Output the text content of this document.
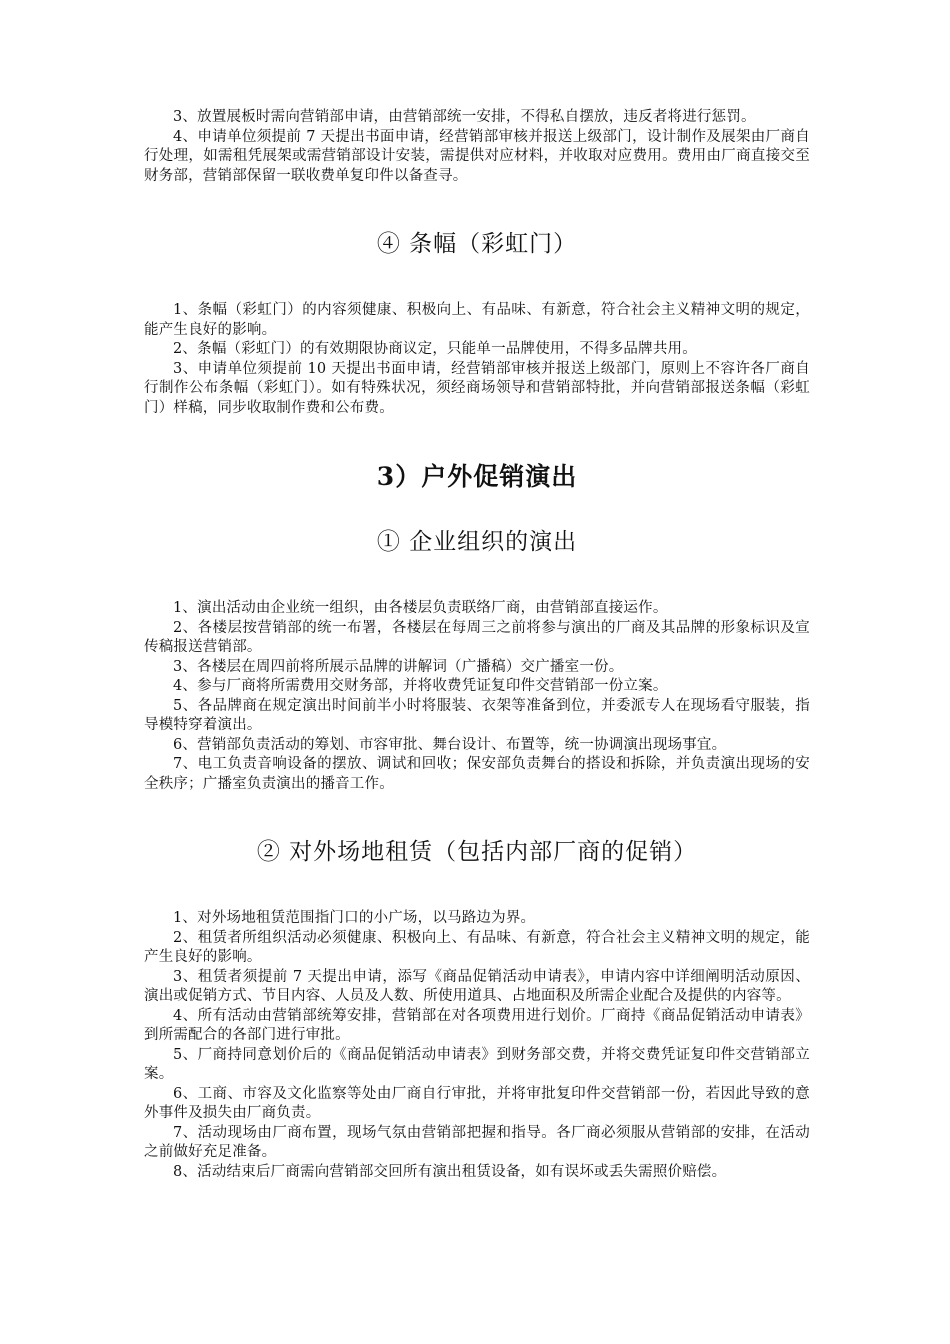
3、放置展板时需向营销部申请，由营销部统一安排，不得私自摆放，违反者将进行惩罚。

4、申请单位须提前 7 天提出书面申请，经营销部审核并报送上级部门，设计制作及展架由厂商自行处理，如需租凭展架或需营销部设计安装，需提供对应材料，并收取对应费用。费用由厂商直接交至财务部，营销部保留一联收费单复印件以备查寻。

④ 条幅（彩虹门）

1、条幅（彩虹门）的内容须健康、积极向上、有品味、有新意，符合社会主义精神文明的规定，能产生良好的影响。

2、条幅（彩虹门）的有效期限协商议定，只能单一品牌使用，不得多品牌共用。

3、申请单位须提前 10 天提出书面申请，经营销部审核并报送上级部门，原则上不容许各厂商自行制作公布条幅（彩虹门）。如有特殊状况，须经商场领导和营销部特批，并向营销部报送条幅（彩虹门）样稿，同步收取制作费和公布费。

3）户外促销演出
① 企业组织的演出

1、演出活动由企业统一组织，由各楼层负责联络厂商，由营销部直接运作。

2、各楼层按营销部的统一布署，各楼层在每周三之前将参与演出的厂商及其品牌的形象标识及宣传稿报送营销部。

3、各楼层在周四前将所展示品牌的讲解词（广播稿）交广播室一份。

4、参与厂商将所需费用交财务部，并将收费凭证复印件交营销部一份立案。

5、各品牌商在规定演出时间前半小时将服装、衣架等准备到位，并委派专人在现场看守服装，指导模特穿着演出。

6、营销部负责活动的筹划、市容审批、舞台设计、布置等，统一协调演出现场事宜。

7、电工负责音响设备的摆放、调试和回收；保安部负责舞台的搭设和拆除，并负责演出现场的安全秩序；广播室负责演出的播音工作。

② 对外场地租赁（包括内部厂商的促销）

1、对外场地租赁范围指门口的小广场，以马路边为界。

2、租赁者所组织活动必须健康、积极向上、有品味、有新意，符合社会主义精神文明的规定，能产生良好的影响。

3、租赁者须提前 7 天提出申请，添写《商品促销活动申请表》，申请内容中详细阐明活动原因、演出或促销方式、节目内容、人员及人数、所使用道具、占地面积及所需企业配合及提供的内容等。

4、所有活动由营销部统筹安排，营销部在对各项费用进行划价。厂商持《商品促销活动申请表》到所需配合的各部门进行审批。

5、厂商持同意划价后的《商品促销活动申请表》到财务部交费，并将交费凭证复印件交营销部立案。

6、工商、市容及文化监察等处由厂商自行审批，并将审批复印件交营销部一份，若因此导致的意外事件及损失由厂商负责。

7、活动现场由厂商布置，现场气氛由营销部把握和指导。各厂商必须服从营销部的安排，在活动之前做好充足准备。

8、活动结束后厂商需向营销部交回所有演出租赁设备，如有误坏或丢失需照价赔偿。
